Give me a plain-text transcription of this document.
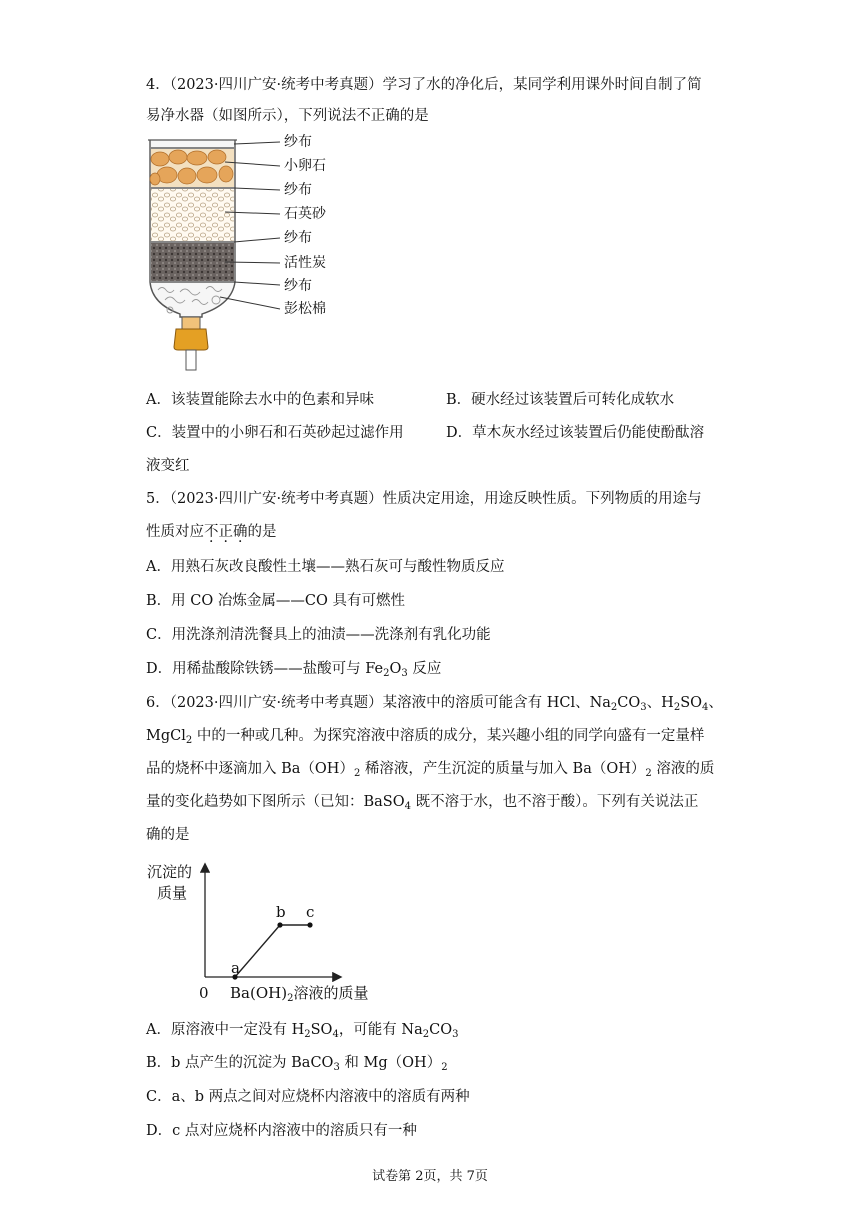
4．（2023·四川广安·统考中考真题）学习了水的净化后，某同学利用课外时间自制了简
易净水器（如图所示），下列说法不正确的是
纱布
小卵石
纱布
石英砂
纱布
活性炭
纱布
彭松棉
A．该装置能除去水中的色素和异味	B．硬水经过该装置后可转化成软水
C．装置中的小卵石和石英砂起过滤作用	D．草木灰水经过该装置后仍能使酚酞溶
液变红
5．（2023·四川广安·统考中考真题）性质决定用途，用途反映性质。下列物质的用途与
性质对应不正确的是
A．用熟石灰改良酸性土壤——熟石灰可与酸性物质反应
B．用 CO 冶炼金属——CO 具有可燃性
C．用洗涤剂清洗餐具上的油渍——洗涤剂有乳化功能
D．用稀盐酸除铁锈——盐酸可与 $Fe_2O_3$ 反应
6．（2023·四川广安·统考中考真题）某溶液中的溶质可能含有 HCl、$Na_2CO_3$、$H_2SO_4$、
MgCl$_2$ 中的一种或几种。为探究溶液中溶质的成分，某兴趣小组的同学向盛有一定量样
品的烧杯中逐滴加入 $Ba(OH)_2$ 稀溶液，产生沉淀的质量与加入 $Ba(OH)_2$ 溶液的质
量的变化趋势如下图所示（已知：BaSO$_4$ 既不溶于水，也不溶于酸）。下列有关说法正
确的是
a
b c
沉淀的
质量
0 $Ba(OH)_2$溶液的质量
A．原溶液中一定没有 $H_2SO_4$，可能有 $Na_2CO_3$
B．b 点产生的沉淀为 BaCO$_3$ 和 $Mg(OH)_2$
C．a、b 两点之间对应烧杯内溶液中的溶质有两种
D．c 点对应烧杯内溶液中的溶质只有一种
试卷第 2页，共 7页
